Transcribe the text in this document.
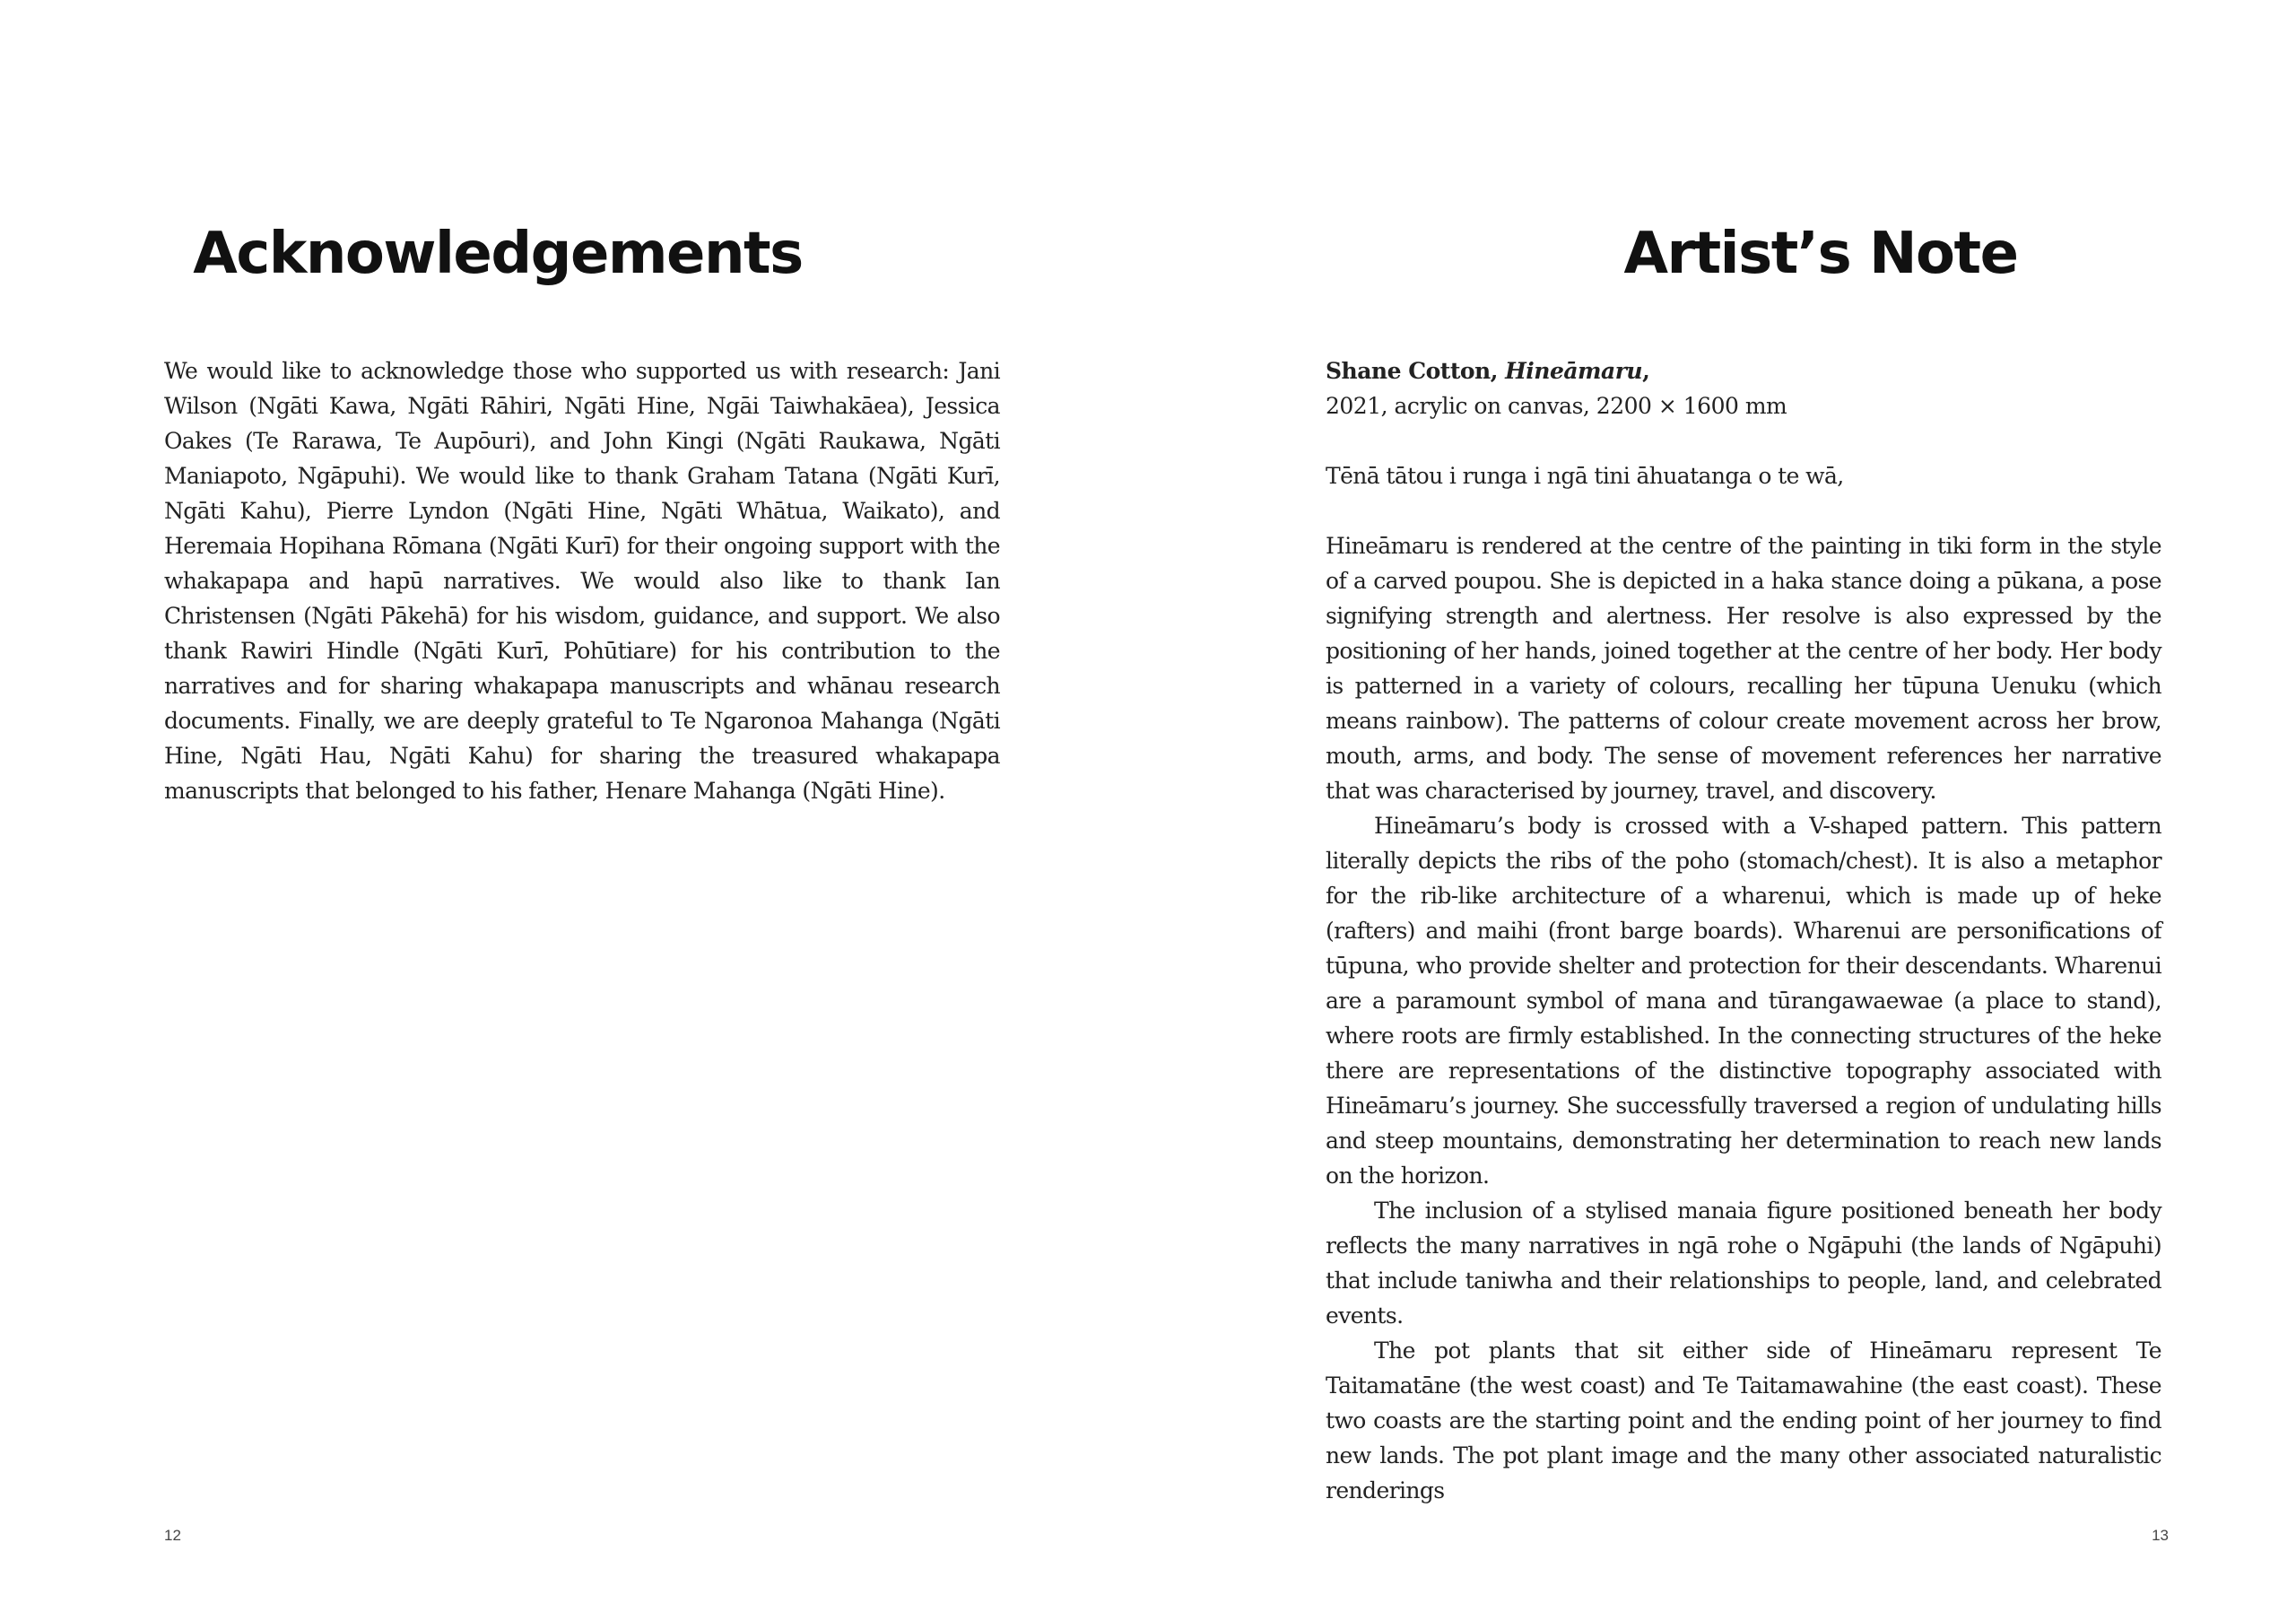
Acknowledgements

We would like to acknowledge those who supported us with research: Jani Wilson (Ngāti Kawa, Ngāti Rāhiri, Ngāti Hine, Ngāi Taiwhakāea), Jessica Oakes (Te Rarawa, Te Aupōuri), and John Kingi (Ngāti Raukawa, Ngāti Maniapoto, Ngāpuhi). We would like to thank Graham Tatana (Ngāti Kurī, Ngāti Kahu), Pierre Lyndon (Ngāti Hine, Ngāti Whātua, Waikato), and Heremaia Hopihana Rōmana (Ngāti Kurī) for their ongoing support with the whakapapa and hapū narratives. We would also like to thank Ian Christensen (Ngāti Pākehā) for his wisdom, guidance, and support. We also thank Rawiri Hindle (Ngāti Kurī, Pohūtiare) for his contribution to the narratives and for sharing whakapapa manuscripts and whānau research documents. Finally, we are deeply grateful to Te Ngaronoa Mahanga (Ngāti Hine, Ngāti Hau, Ngāti Kahu) for sharing the treasured whakapapa manuscripts that belonged to his father, Henare Mahanga (Ngāti Hine).

12
Artist’s Note

Shane Cotton, Hineāmaru,

2021, acrylic on canvas, 2200 × 1600 mm

Tēnā tātou i runga i ngā tini āhuatanga o te wā,

Hineāmaru is rendered at the centre of the painting in tiki form in the style of a carved poupou. She is depicted in a haka stance doing a pūkana, a pose signifying strength and alertness. Her resolve is also expressed by the positioning of her hands, joined together at the centre of her body. Her body is patterned in a variety of colours, recalling her tūpuna Uenuku (which means rainbow). The patterns of colour create movement across her brow, mouth, arms, and body. The sense of movement references her narrative that was characterised by journey, travel, and discovery.

Hineāmaru’s body is crossed with a V-shaped pattern. This pattern literally depicts the ribs of the poho (stomach/chest). It is also a metaphor for the rib-like architecture of a wharenui, which is made up of heke (rafters) and maihi (front barge boards). Wharenui are personifications of tūpuna, who provide shelter and protection for their descendants. Wharenui are a paramount symbol of mana and tūrangawaewae (a place to stand), where roots are firmly established. In the connecting structures of the heke there are representations of the distinctive topography associated with Hineāmaru’s journey. She successfully traversed a region of undulating hills and steep mountains, demonstrating her determination to reach new lands on the horizon.

The inclusion of a stylised manaia figure positioned beneath her body reflects the many narratives in ngā rohe o Ngāpuhi (the lands of Ngāpuhi) that include taniwha and their relationships to people, land, and celebrated events.

The pot plants that sit either side of Hineāmaru represent Te Taitamatāne (the west coast) and Te Taitamawahine (the east coast). These two coasts are the starting point and the ending point of her journey to find new lands. The pot plant image and the many other associated naturalistic renderings

13
